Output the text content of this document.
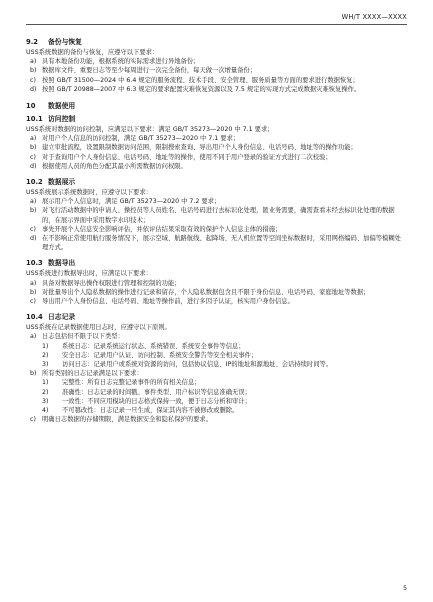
WH/T XXXX—XXXX
9.2 备份与恢复

USS系统数据的备份与恢复，应遵守以下要求：

a) 具有本地备份功能，根据系统的实际需求进行异地备份；
b) 数据库文件、重要日志等至少每周进行一次完全备份，每天做一次增量备份；
c) 按照 GB/T 31500—2024 中 6.4 规定的服务流程、技术手段、安全管理、服务质量等方面的要求进行数据恢复；
d) 按照 GB/T 20988—2007 中 6.3 规定的要求配置灾难恢复资源以及 7.5 规定的实现方式完成数据灾难恢复操作。
10 数据使用
10.1 访问控制

USS系统对数据的访问控制，应满足以下要求：满足 GB/T 35273—2020 中 7.1 要求；

a) 对用户个人信息的访问控制，满足 GB/T 35273—2020 中 7.1 要求；
b) 建立审批流程，设置限制数据访问范围，限制搜索查询、导出用户个人身份信息、电话号码、地址等的操作功能；
c) 对于查询用户个人身份信息、电话号码、地址等的操作，使用不同于用户登录的验证方式进行二次校验；
d) 根据使用人员的角色分配其最小所需数据访问权限。
10.2 数据展示

USS系统展示系统数据时，应遵守以下要求：

a) 展示用户个人信息时，满足 GB/T 35273—2020 中 7.2 要求；
b) 对飞行活动数据中的申请人、操控员等人员姓名、电话号码进行去标识化处理，匿业务需要，确需查看未经去标识化处理的数据的，在展示界面中采用数字水印技术；
c) 事先开展个人信息安全影响评估，并依评估结果采取有效的保护个人信息主体的措施；
d) 在不影响正常使用航行服务情况下，展示空域、航路航线、起降场、无人机位置等空间坐标数据时，采用网格编码、加偏等模糊处理方式。
10.3 数据导出

USS系统进行数据导出时，应满足以下要求：

a) 具备对数据导出操作权限进行管理和控制的功能；
b) 对批量导出个人隐私数据的操作进行记录和留存，个人隐私数据包含且不限于身份信息、电话号码、家庭地址等数据；
c) 导出用户个人身份信息、电话号码、地址等操作前，进行多因子认证，核实用户身份信息。
10.4 日志记录

USS系统在记录数据使用日志时，应遵守以下原则。

a) 日志包括但不限于以下类型：
1) 系统日志：记录系统运行状态、系统错误、系统安全事件等信息；
2) 安全日志：记录用户认证、访问控制、系统安全警告等安全相关事件；
3) 访问日志：记录用户或系统对资源的访问，包括协议信息、IP的地址和源地址、会话持续时间等。
b) 所有类别的日志记录满足以下要求：
1) 完整性：所有日志完整记录事件的所有相关信息；
2) 准确性：日志记录的时间戳、事件类型、用户标识等信息准确无误；
3) 一致性：不同应用模块的日志格式保持一致，便于日志分析和审计；
4) 不可篡改性：日志记录一旦生成，保证其内容不被修改或删除。
c) 明确日志数据的存储期限，满足数据安全和隐私保护的要求。
5
